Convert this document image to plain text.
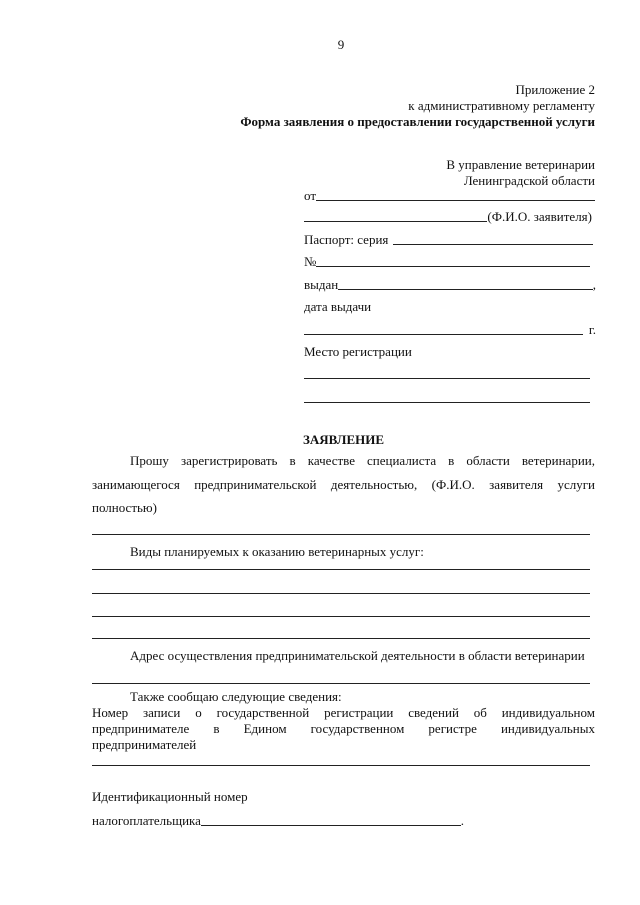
9
Приложение 2
к административному регламенту
Форма заявления о предоставлении государственной услуги
В управление ветеринарии
Ленинградской области
от
(Ф.И.О. заявителя)
Паспорт: серия
№
выдан	,
дата выдачи
г.
Место регистрации
ЗАЯВЛЕНИЕ
Прошу зарегистрировать в качестве специалиста в области ветеринарии,
занимающегося предпринимательской деятельностью, (Ф.И.О. заявителя услуги
полностью)
Виды планируемых к оказанию ветеринарных услуг:
Адрес осуществления предпринимательской деятельности в области ветеринарии
Также сообщаю следующие сведения:
Номер записи о государственной регистрации сведений об индивидуальном
предпринимателе в Едином государственном регистре индивидуальных
предпринимателей
Идентификационный номер
налогоплательщика	.
